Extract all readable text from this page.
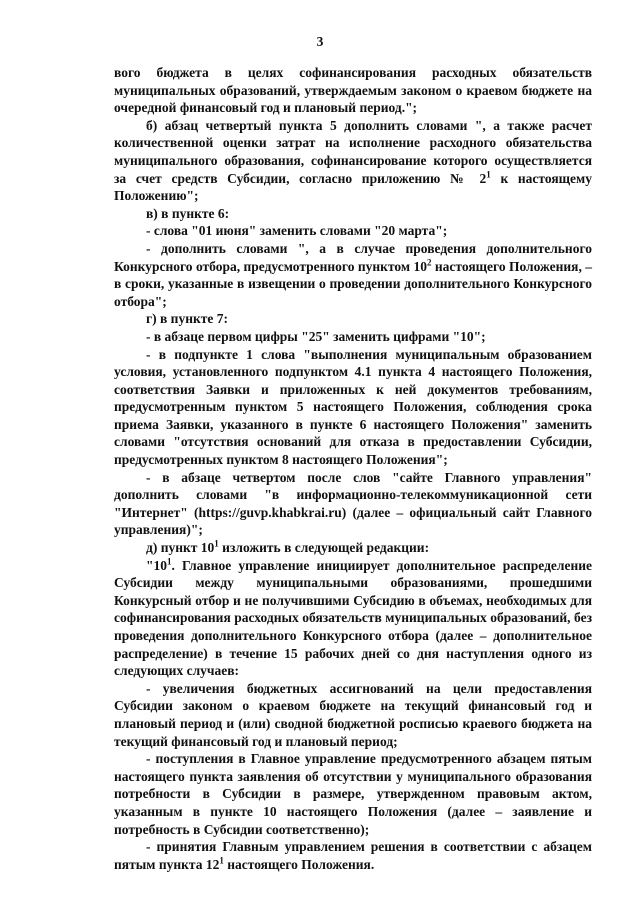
3

вого бюджета в целях софинансирования расходных обязательств муниципальных образований, утверждаемым законом о краевом бюджете на очередной финансовый год и плановый период.";

б) абзац четвертый пункта 5 дополнить словами ", а также расчет количественной оценки затрат на исполнение расходного обязательства муниципального образования, софинансирование которого осуществляется за счет средств Субсидии, согласно приложению № $2^1$ к настоящему Положению";

в) в пункте 6:

- слова "01 июня" заменить словами "20 марта";

- дополнить словами ", а в случае проведения дополнительного Конкурсного отбора, предусмотренного пунктом $10^2$ настоящего Положения, – в сроки, указанные в извещении о проведении дополнительного Конкурсного отбора";

г) в пункте 7:

- в абзаце первом цифры "25" заменить цифрами "10";

- в подпункте 1 слова "выполнения муниципальным образованием условия, установленного подпунктом 4.1 пункта 4 настоящего Положения, соответствия Заявки и приложенных к ней документов требованиям, предусмотренным пунктом 5 настоящего Положения, соблюдения срока приема Заявки, указанного в пункте 6 настоящего Положения" заменить словами "отсутствия оснований для отказа в предоставлении Субсидии, предусмотренных пунктом 8 настоящего Положения";

- в абзаце четвертом после слов "сайте Главного управления" дополнить словами "в информационно-телекоммуникационной сети "Интернет" (https://guvp.khabkrai.ru) (далее – официальный сайт Главного управления)";

д) пункт $10^1$ изложить в следующей редакции:

"$10^1$. Главное управление инициирует дополнительное распределение Субсидии между муниципальными образованиями, прошедшими Конкурсный отбор и не получившими Субсидию в объемах, необходимых для софинансирования расходных обязательств муниципальных образований, без проведения дополнительного Конкурсного отбора (далее – дополнительное распределение) в течение 15 рабочих дней со дня наступления одного из следующих случаев:

- увеличения бюджетных ассигнований на цели предоставления Субсидии законом о краевом бюджете на текущий финансовый год и плановый период и (или) сводной бюджетной росписью краевого бюджета на текущий финансовый год и плановый период;

- поступления в Главное управление предусмотренного абзацем пятым настоящего пункта заявления об отсутствии у муниципального образования потребности в Субсидии в размере, утвержденном правовым актом, указанным в пункте 10 настоящего Положения (далее – заявление и потребность в Субсидии соответственно);

- принятия Главным управлением решения в соответствии с абзацем пятым пункта $12^1$ настоящего Положения.
